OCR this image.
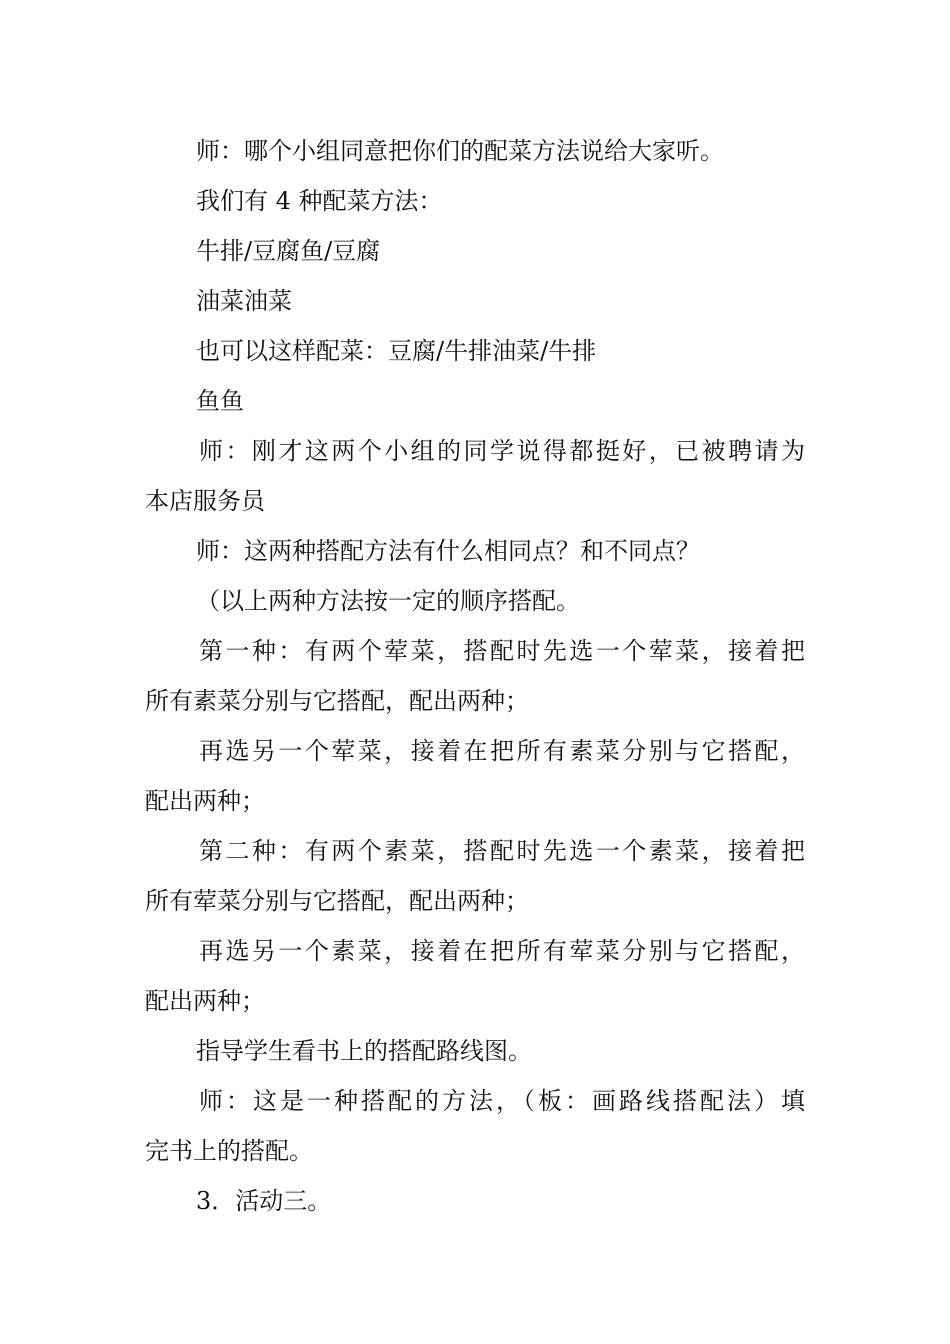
师：哪个小组同意把你们的配菜方法说给大家听。
我们有 4 种配菜方法：
牛排/豆腐鱼/豆腐
油菜油菜
也可以这样配菜：豆腐/牛排油菜/牛排
鱼鱼
师：刚才这两个小组的同学说得都挺好，已被聘请为
本店服务员
师：这两种搭配方法有什么相同点？和不同点？
（以上两种方法按一定的顺序搭配。
第一种：有两个荤菜，搭配时先选一个荤菜，接着把
所有素菜分别与它搭配，配出两种；
再选另一个荤菜，接着在把所有素菜分别与它搭配，
配出两种；
第二种：有两个素菜，搭配时先选一个素菜，接着把
所有荤菜分别与它搭配，配出两种；
再选另一个素菜，接着在把所有荤菜分别与它搭配，
配出两种；
指导学生看书上的搭配路线图。
师：这是一种搭配的方法，（板：画路线搭配法）填
完书上的搭配。
3．活动三。
